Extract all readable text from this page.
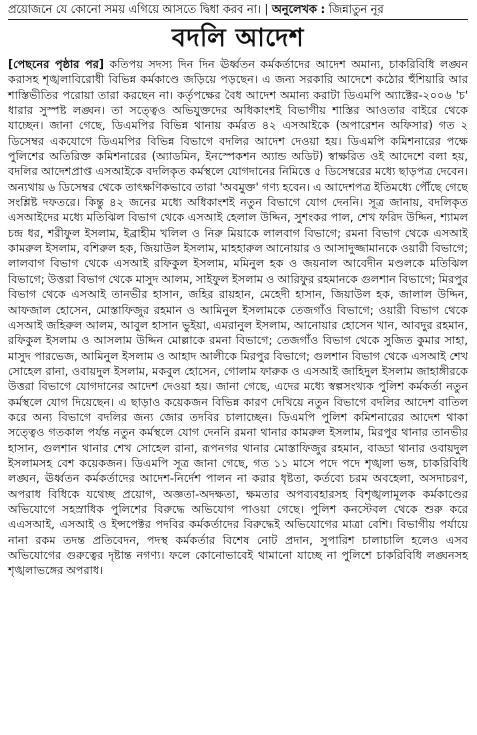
প্রয়োজনে যে কোনো সময় এগিয়ে আসতে দ্বিধা করব না। | অনুলেখক : জিন্নাতুন নূর
বদলি আদেশ
[পেছনের পৃষ্ঠার পর] কতিপয় সদস্য দিন দিন ঊর্ধ্বতন কর্মকর্তাদের আদেশ অমান্য, চাকরিবিধি লঙ্ঘন করাসহ শৃঙ্খলাবিরোধী বিভিন্ন কর্মকাণ্ডে জড়িয়ে পড়ছেন। এ জন্য সরকারি আদেশে কঠোর হুঁশিয়ারি আর শাস্তিভীতির পরোয়া তারা করছেন না। কর্তৃপক্ষের বৈধ আদেশ অমান্য করাটা ডিএমপি অ্যাক্টের-২০০৬ 'চ' ধারার সুস্পষ্ট লঙ্ঘন। তা সত্ত্বেও অভিযুক্তদের অধিকাংশই বিভাগীয় শাস্তির আওতার বাইরে থেকে যাচ্ছেন। জানা গেছে, ডিএমপির বিভিন্ন থানায় কর্মরত ৪২ এসআইকে (অপারেশন অফিসার) গত ২ ডিসেম্বর একযোগে ডিএমপির বিভিন্ন বিভাগে বদলির আদেশ দেওয়া হয়। ডিএমপি কমিশনারের পক্ষে পুলিশের অতিরিক্ত কমিশনারের (অ্যাডমিন, ইনস্পেকশন অ্যান্ড অডিট) স্বাক্ষরিত ওই আদেশে বলা হয়, বদলির আদেশপ্রাপ্ত এসআইকে বদলিকৃত কর্মস্থলে যোগদানের নিমিত্তে ৫ ডিসেম্বরের মধ্যে ছাড়পত্র দেবেন। অন্যথায় ৬ ডিসেম্বর থেকে তাৎক্ষণিকভাবে তারা 'অবমুক্ত' গণ্য হবেন। এ আদেশপত্র ইতিমধ্যে পৌঁছে গেছে সংশ্লিষ্ট দফতরে। কিন্তু ৪২ জনের মধ্যে অধিকাংশই নতুন বিভাগে যোগ দেননি। সূত্র জানায়, বদলিকৃত এসআইদের মধ্যে মতিঝিল বিভাগ থেকে এসআই হেলাল উদ্দিন, সুশংকর পাল, শেখ ফরিদ উদ্দিন, শ্যামল চন্দ্র ধর, শরীফুল ইসলাম, ইব্রাহীম খলিল ও নিরু মিয়াকে লালবাগ বিভাগে; রমনা বিভাগ থেকে এসআই কামরুল ইসলাম, বশিরুল হক, জিয়াউল ইসলাম, মাহহারুল আনোয়ার ও আসাদুজ্জামানকে ওয়ারী বিভাগে; লালবাগ বিভাগ থেকে এসআই রফিকুল ইসলাম, মমিনুল হক ও জয়নাল আবেদীন মণ্ডলকে মতিঝিল বিভাগে; উত্তরা বিভাগ থেকে মাসুদ আলম, সাইফুল ইসলাম ও আরিফুর রহমানকে গুলশান বিভাগে; মিরপুর বিভাগ থেকে এসআই তানভীর হাসান, জহির রায়হান, মেহেদী হাসান, জিয়াউল হক, জালাল উদ্দিন, আফজাল হোসেন, মোস্তাফিজুর রহমান ও আমিনুল ইসলামকে তেজগাঁও বিভাগে; ওয়ারী বিভাগ থেকে এসআই জহিরুল আলম, আবুল হাসান ভুইয়া, এমরানুল ইসলাম, আনোয়ার হোসেন খান, আবদুর রহমান, রফিকুল ইসলাম ও আসলাম উদ্দিন মোল্লাকে রমনা বিভাগে; তেজগাঁও বিভাগ থেকে সুজিত কুমার সাহা, মাসুদ পারভেজ, আমিনুল ইসলাম ও আহাদ আলীকে মিরপুর বিভাগে; গুলশান বিভাগ থেকে এসআই শেখ সোহেল রানা, ওবায়দুল ইসলাম, মকবুল হোসেন, গোলাম ফারুক ও এসআই জাহিদুল ইসলাম জাহাঙ্গীরকে উত্তরা বিভাগে যোগদানের আদেশ দেওয়া হয়। জানা গেছে, এদের মধ্যে স্বল্পসংখ্যক পুলিশ কর্মকর্তা নতুন কর্মস্থলে যোগ দিয়েছেন। এ ছাড়াও কয়েকজন বিভিন্ন কারণ দেখিয়ে নতুন বিভাগে বদলির আদেশ বাতিল করে অন্য বিভাগে বদলির জন্য জোর তদবির চালাচ্ছেন। ডিএমপি পুলিশ কমিশনারের আদেশ থাকা সত্ত্বেও গতকাল পর্যন্ত নতুন কর্মস্থলে যোগ দেননি রমনা থানার কামরুল ইসলাম, মিরপুর থানার তানভীর হাসান, গুলশান থানার শেখ সোহেল রানা, রূপনগর থানার মোস্তাফিজুর রহমান, বাড্ডা থানার ওবায়দুল ইসলামসহ বেশ কয়েকজন। ডিএমপি সূত্র জানা গেছে, গত ১১ মাসে পদে পদে শৃঙ্খলা ভঙ্গ, চাকরিবিধি লঙ্ঘন, ঊর্ধ্বতন কর্মকর্তাদের আদেশ-নির্দেশ পালন না করার ধৃষ্টতা, কর্তব্যে চরম অবহেলা, অসদাচরণ, অপরাধ বিধিকে যথেচ্ছ প্রয়োগ, অজ্ঞতা-অদক্ষতা, ক্ষমতার অপব্যবহারসহ বিশৃঙ্খলামূলক কর্মকাণ্ডের অভিযোগে সহস্রাধিক পুলিশের বিরুদ্ধে অভিযোগ পাওয়া গেছে। পুলিশ কনস্টেবল থেকে শুরু করে এএসআই, এসআই ও ইন্সপেক্টর পদবির কর্মকর্তাদের বিরুদ্ধেই অভিযোগের মাত্রা বেশি। বিভাগীয় পর্যায়ে নানা রকম তদন্ত প্রতিবেদন, পদস্থ কর্মকর্তার বিশেষ নোট প্রদান, সুপারিশ চালাচালি হলেও এসব অভিযোগের গুরুত্বের দৃষ্টান্ত নগণ্য। ফলে কোনোভাবেই থামানো যাচ্ছে না পুলিশে চাকরিবিধি লঙ্ঘনসহ শৃঙ্খলাভঙ্গের অপরাধ।
